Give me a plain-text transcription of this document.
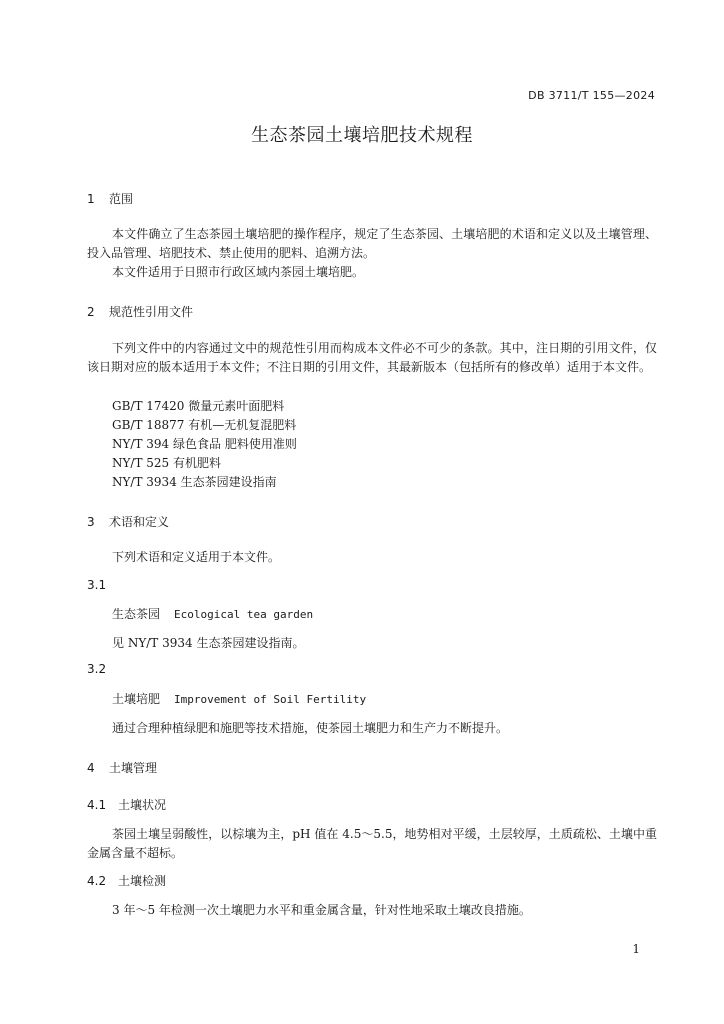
DB 3711/T 155—2024
生态茶园土壤培肥技术规程
1 范围
本文件确立了生态茶园土壤培肥的操作程序，规定了生态茶园、土壤培肥的术语和定义以及土壤管理、投入品管理、培肥技术、禁止使用的肥料、追溯方法。
本文件适用于日照市行政区域内茶园土壤培肥。
2 规范性引用文件
下列文件中的内容通过文中的规范性引用而构成本文件必不可少的条款。其中，注日期的引用文件，仅该日期对应的版本适用于本文件；不注日期的引用文件，其最新版本（包括所有的修改单）适用于本文件。
GB/T 17420 微量元素叶面肥料
GB/T 18877 有机—无机复混肥料
NY/T 394 绿色食品 肥料使用准则
NY/T 525 有机肥料
NY/T 3934 生态茶园建设指南
3 术语和定义
下列术语和定义适用于本文件。
3.1
生态茶园 Ecological tea garden
见 NY/T 3934 生态茶园建设指南。
3.2
土壤培肥 Improvement of Soil Fertility
通过合理种植绿肥和施肥等技术措施，使茶园土壤肥力和生产力不断提升。
4 土壤管理
4.1 土壤状况
茶园土壤呈弱酸性，以棕壤为主，pH 值在 4.5～5.5，地势相对平缓，土层较厚，土质疏松、土壤中重金属含量不超标。
4.2 土壤检测
3 年～5 年检测一次土壤肥力水平和重金属含量，针对性地采取土壤改良措施。
1
